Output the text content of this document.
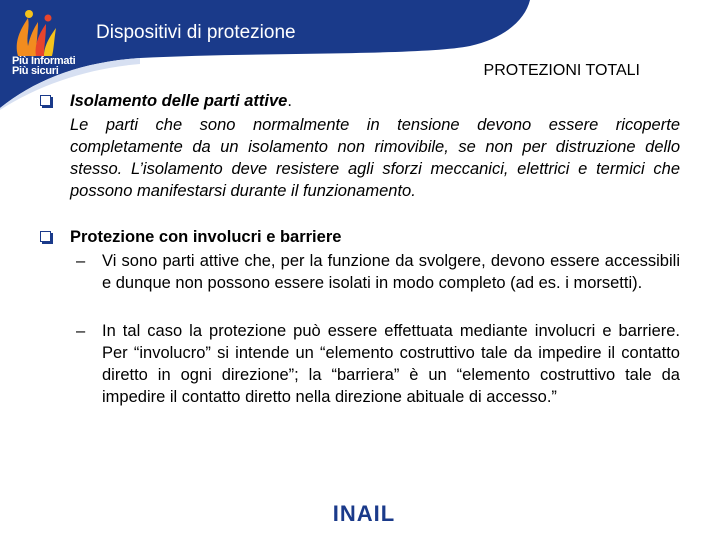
Più Informati
Più sicuri
Dispositivi di protezione
PROTEZIONI TOTALI
Isolamento delle parti attive.
Le parti che sono normalmente in tensione devono essere ricoperte completamente da un isolamento non rimovibile, se non per distruzione dello stesso. L’isolamento deve resistere agli sforzi meccanici, elettrici e termici che possono manifestarsi durante il funzionamento.
Protezione con involucri e barriere
– Vi sono parti attive che, per la funzione da svolgere, devono essere accessibili e dunque non possono essere isolati in modo completo (ad es. i morsetti).
– In tal caso la protezione può essere effettuata mediante involucri e barriere. Per “involucro” si intende un “elemento costruttivo tale da impedire il contatto diretto in ogni direzione”; la “barriera” è un “elemento costruttivo tale da impedire il contatto diretto nella direzione abituale di accesso.”
INAIL
